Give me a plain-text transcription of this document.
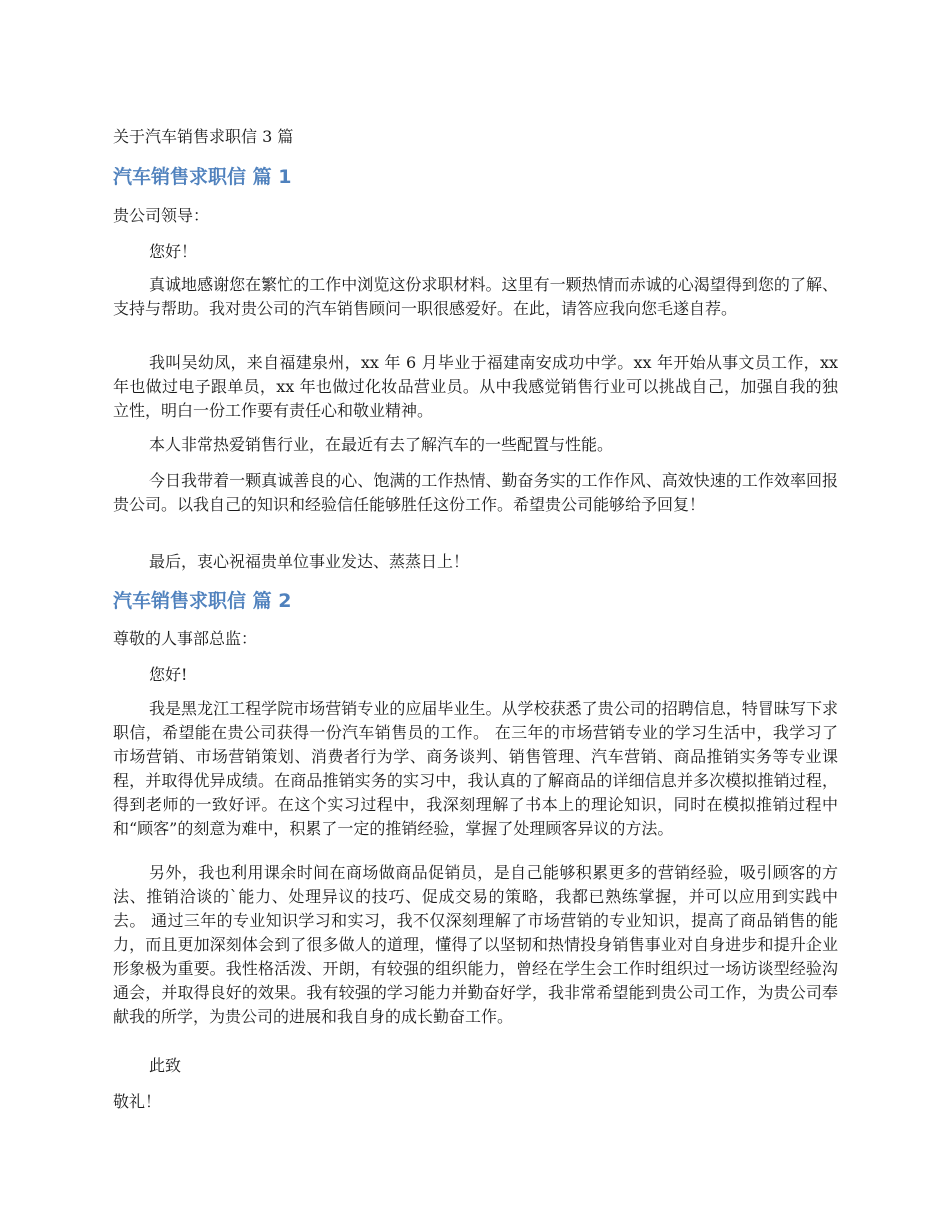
关于汽车销售求职信 3 篇
汽车销售求职信 篇 1

贵公司领导：

您好！

真诚地感谢您在繁忙的工作中浏览这份求职材料。这里有一颗热情而赤诚的心渴望得到您的了解、支持与帮助。我对贵公司的汽车销售顾问一职很感爱好。在此，请答应我向您毛遂自荐。

我叫吴幼凤，来自福建泉州，xx 年 6 月毕业于福建南安成功中学。xx 年开始从事文员工作，xx 年也做过电子跟单员，xx 年也做过化妆品营业员。从中我感觉销售行业可以挑战自己，加强自我的独立性，明白一份工作要有责任心和敬业精神。

本人非常热爱销售行业，在最近有去了解汽车的一些配置与性能。

今日我带着一颗真诚善良的心、饱满的工作热情、勤奋务实的工作作风、高效快速的工作效率回报贵公司。以我自己的知识和经验信任能够胜任这份工作。希望贵公司能够给予回复！

最后，衷心祝福贵单位事业发达、蒸蒸日上！

汽车销售求职信 篇 2

尊敬的人事部总监：

您好!

我是黑龙江工程学院市场营销专业的应届毕业生。从学校获悉了贵公司的招聘信息，特冒昧写下求职信，希望能在贵公司获得一份汽车销售员的工作。 在三年的市场营销专业的学习生活中，我学习了市场营销、市场营销策划、消费者行为学、商务谈判、销售管理、汽车营销、商品推销实务等专业课程，并取得优异成绩。在商品推销实务的实习中，我认真的了解商品的详细信息并多次模拟推销过程，得到老师的一致好评。在这个实习过程中，我深刻理解了书本上的理论知识，同时在模拟推销过程中和“顾客”的刻意为难中，积累了一定的推销经验，掌握了处理顾客异议的方法。

另外，我也利用课余时间在商场做商品促销员，是自己能够积累更多的营销经验，吸引顾客的方法、推销洽谈的`能力、处理异议的技巧、促成交易的策略，我都已熟练掌握，并可以应用到实践中去。 通过三年的专业知识学习和实习，我不仅深刻理解了市场营销的专业知识，提高了商品销售的能力，而且更加深刻体会到了很多做人的道理，懂得了以坚韧和热情投身销售事业对自身进步和提升企业形象极为重要。我性格活泼、开朗，有较强的组织能力，曾经在学生会工作时组织过一场访谈型经验沟通会，并取得良好的效果。我有较强的学习能力并勤奋好学，我非常希望能到贵公司工作，为贵公司奉献我的所学，为贵公司的进展和我自身的成长勤奋工作。

此致

敬礼！
